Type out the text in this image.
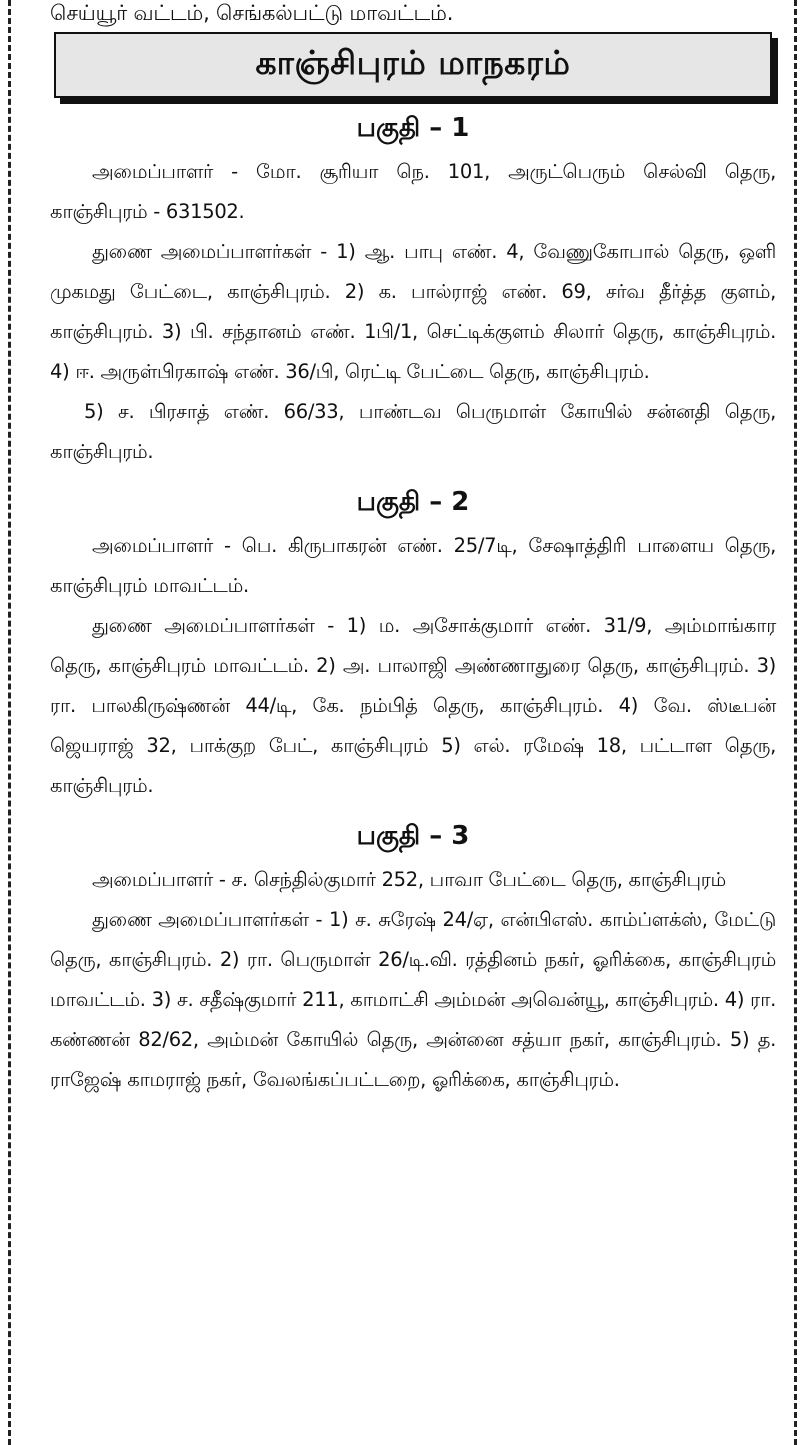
செய்யூர் வட்டம், செங்கல்பட்டு மாவட்டம்.

காஞ்சிபுரம் மாநகரம்
பகுதி – 1

அமைப்பாளர் - மோ. சூரியா நெ. 101, அருட்பெரும் செல்வி தெரு, காஞ்சிபுரம் - 631502.

துணை அமைப்பாளர்கள் - 1) ஆ. பாபு எண். 4, வேணுகோபால் தெரு, ஒளி முகமது பேட்டை, காஞ்சிபுரம். 2) க. பால்ராஜ் எண். 69, சர்வ தீர்த்த குளம், காஞ்சிபுரம். 3) பி. சந்தானம் எண். 1பி/1, செட்டிக்குளம் சிலார் தெரு, காஞ்சிபுரம். 4) ஈ. அருள்பிரகாஷ் எண். 36/பி, ரெட்டி பேட்டை தெரு, காஞ்சிபுரம்.

5) ச. பிரசாத் எண். 66/33, பாண்டவ பெருமாள் கோயில் சன்னதி தெரு, காஞ்சிபுரம்.

பகுதி – 2

அமைப்பாளர் - பெ. கிருபாகரன் எண். 25/7டி, சேஷாத்திரி பாளைய தெரு, காஞ்சிபுரம் மாவட்டம்.

துணை அமைப்பாளர்கள் - 1) ம. அசோக்குமார் எண். 31/9, அம்மாங்கார தெரு, காஞ்சிபுரம் மாவட்டம். 2) அ. பாலாஜி அண்ணாதுரை தெரு, காஞ்சிபுரம். 3) ரா. பாலகிருஷ்ணன் 44/டி, கே. நம்பித் தெரு, காஞ்சிபுரம். 4) வே. ஸ்டீபன் ஜெயராஜ் 32, பாக்குற பேட், காஞ்சிபுரம் 5) எல். ரமேஷ் 18, பட்டாள தெரு, காஞ்சிபுரம்.

பகுதி – 3

அமைப்பாளர் - ச. செந்தில்குமார் 252, பாவா பேட்டை தெரு, காஞ்சிபுரம்

துணை அமைப்பாளர்கள் - 1) ச. சுரேஷ் 24/ஏ, என்பிஎஸ். காம்ப்ளக்ஸ், மேட்டு தெரு, காஞ்சிபுரம். 2) ரா. பெருமாள் 26/டி.வி. ரத்தினம் நகர், ஓரிக்கை, காஞ்சிபுரம் மாவட்டம். 3) ச. சதீஷ்குமார் 211, காமாட்சி அம்மன் அவென்யூ, காஞ்சிபுரம். 4) ரா. கண்ணன் 82/62, அம்மன் கோயில் தெரு, அன்னை சத்யா நகர், காஞ்சிபுரம். 5) த. ராஜேஷ் காமராஜ் நகர், வேலங்கப்பட்டறை, ஓரிக்கை, காஞ்சிபுரம்.
